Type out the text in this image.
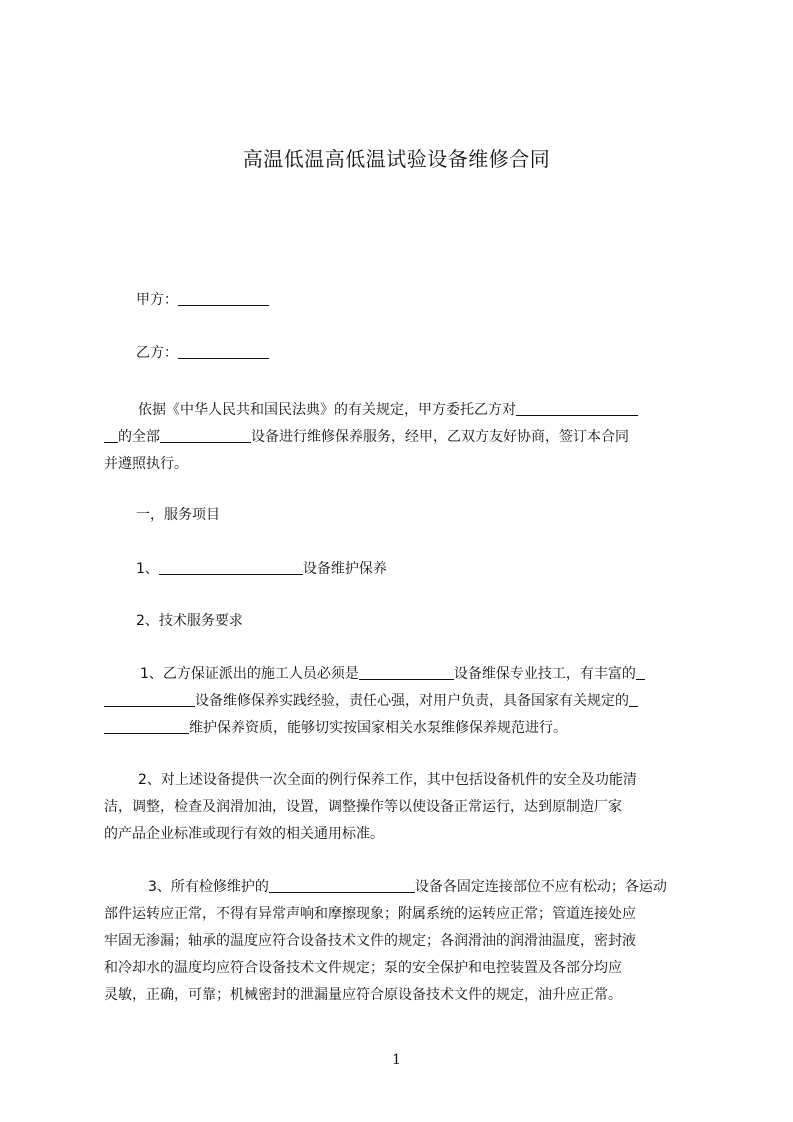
高温低温高低温试验设备维修合同
甲方：
乙方：
依据《中华人民共和国民法典》的有关规定，甲方委托乙方对
的全部	设备进行维修保养服务，经甲，乙双方友好协商，签订本合同
并遵照执行。
一，服务项目
1、	设备维护保养
2、技术服务要求
1、乙方保证派出的施工人员必须是	设备维保专业技工，有丰富的
设备维修保养实践经验，责任心强，对用户负责，具备国家有关规定的
维护保养资质，能够切实按国家相关水泵维修保养规范进行。
2、对上述设备提供一次全面的例行保养工作，其中包括设备机件的安全及功能清
洁，调整，检查及润滑加油，设置，调整操作等以使设备正常运行，达到原制造厂家
的产品企业标准或现行有效的相关通用标准。
3、所有检修维护的	设备各固定连接部位不应有松动；各运动
部件运转应正常，不得有异常声响和摩擦现象；附属系统的运转应正常；管道连接处应
牢固无渗漏；轴承的温度应符合设备技术文件的规定；各润滑油的润滑油温度，密封液
和冷却水的温度均应符合设备技术文件规定；泵的安全保护和电控装置及各部分均应
灵敏，正确，可靠；机械密封的泄漏量应符合原设备技术文件的规定，油升应正常。
1
